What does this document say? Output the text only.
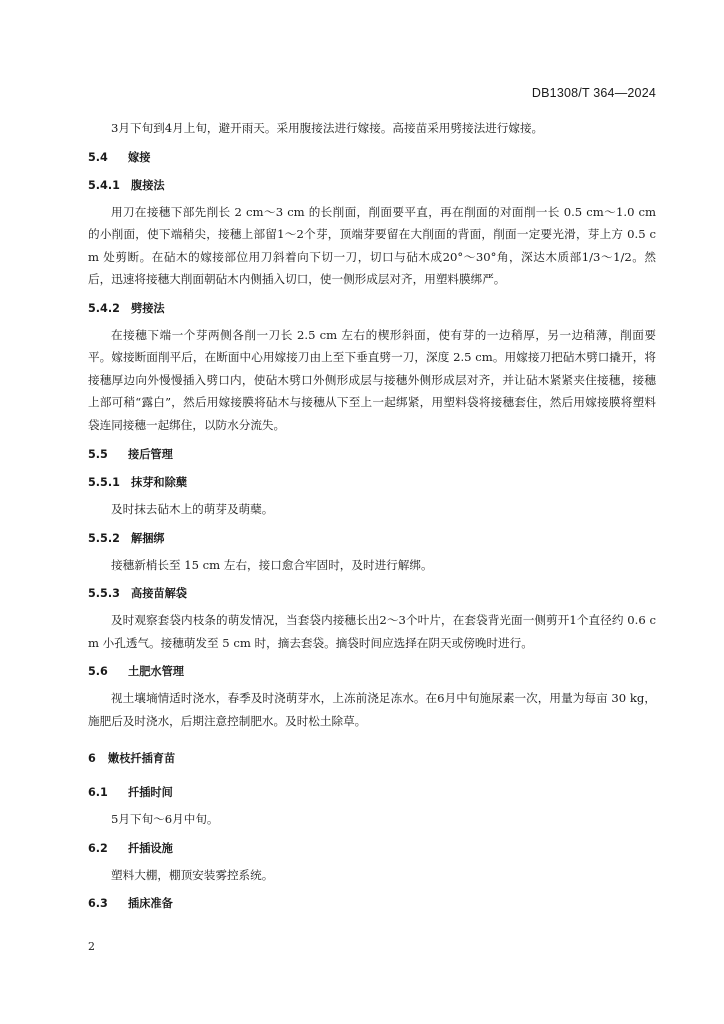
DB1308/T 364—2024

3月下旬到4月上旬，避开雨天。采用腹接法进行嫁接。高接苗采用劈接法进行嫁接。

5.4 嫁接
5.4.1 腹接法

用刀在接穗下部先削长 2 cm～3 cm 的长削面，削面要平直，再在削面的对面削一长 0.5 cm～1.0 cm 的小削面，使下端稍尖，接穗上部留1～2个芽，顶端芽要留在大削面的背面，削面一定要光滑，芽上方 0.5 cm 处剪断。在砧木的嫁接部位用刀斜着向下切一刀，切口与砧木成20°～30°角，深达木质部1/3～1/2。然后，迅速将接穗大削面朝砧木内侧插入切口，使一侧形成层对齐，用塑料膜绑严。

5.4.2 劈接法

在接穗下端一个芽两侧各削一刀长 2.5 cm 左右的楔形斜面，使有芽的一边稍厚，另一边稍薄，削面要平。嫁接断面削平后，在断面中心用嫁接刀由上至下垂直劈一刀，深度 2.5 cm。用嫁接刀把砧木劈口撬开，将接穗厚边向外慢慢插入劈口内，使砧木劈口外侧形成层与接穗外侧形成层对齐，并让砧木紧紧夹住接穗，接穗上部可稍“露白”，然后用嫁接膜将砧木与接穗从下至上一起绑紧，用塑料袋将接穗套住，然后用嫁接膜将塑料袋连同接穗一起绑住，以防水分流失。

5.5 接后管理
5.5.1 抹芽和除蘖

及时抹去砧木上的萌芽及萌蘖。

5.5.2 解捆绑

接穗新梢长至 15 cm 左右，接口愈合牢固时，及时进行解绑。

5.5.3 高接苗解袋

及时观察套袋内枝条的萌发情况，当套袋内接穗长出2～3个叶片，在套袋背光面一侧剪开1个直径约 0.6 cm 小孔透气。接穗萌发至 5 cm 时，摘去套袋。摘袋时间应选择在阴天或傍晚时进行。

5.6 土肥水管理

视土壤墒情适时浇水，春季及时浇萌芽水，上冻前浇足冻水。在6月中旬施尿素一次，用量为每亩 30 kg，施肥后及时浇水，后期注意控制肥水。及时松土除草。

6 嫩枝扦插育苗
6.1 扦插时间

5月下旬～6月中旬。

6.2 扦插设施

塑料大棚，棚顶安装雾控系统。

6.3 插床准备
2
